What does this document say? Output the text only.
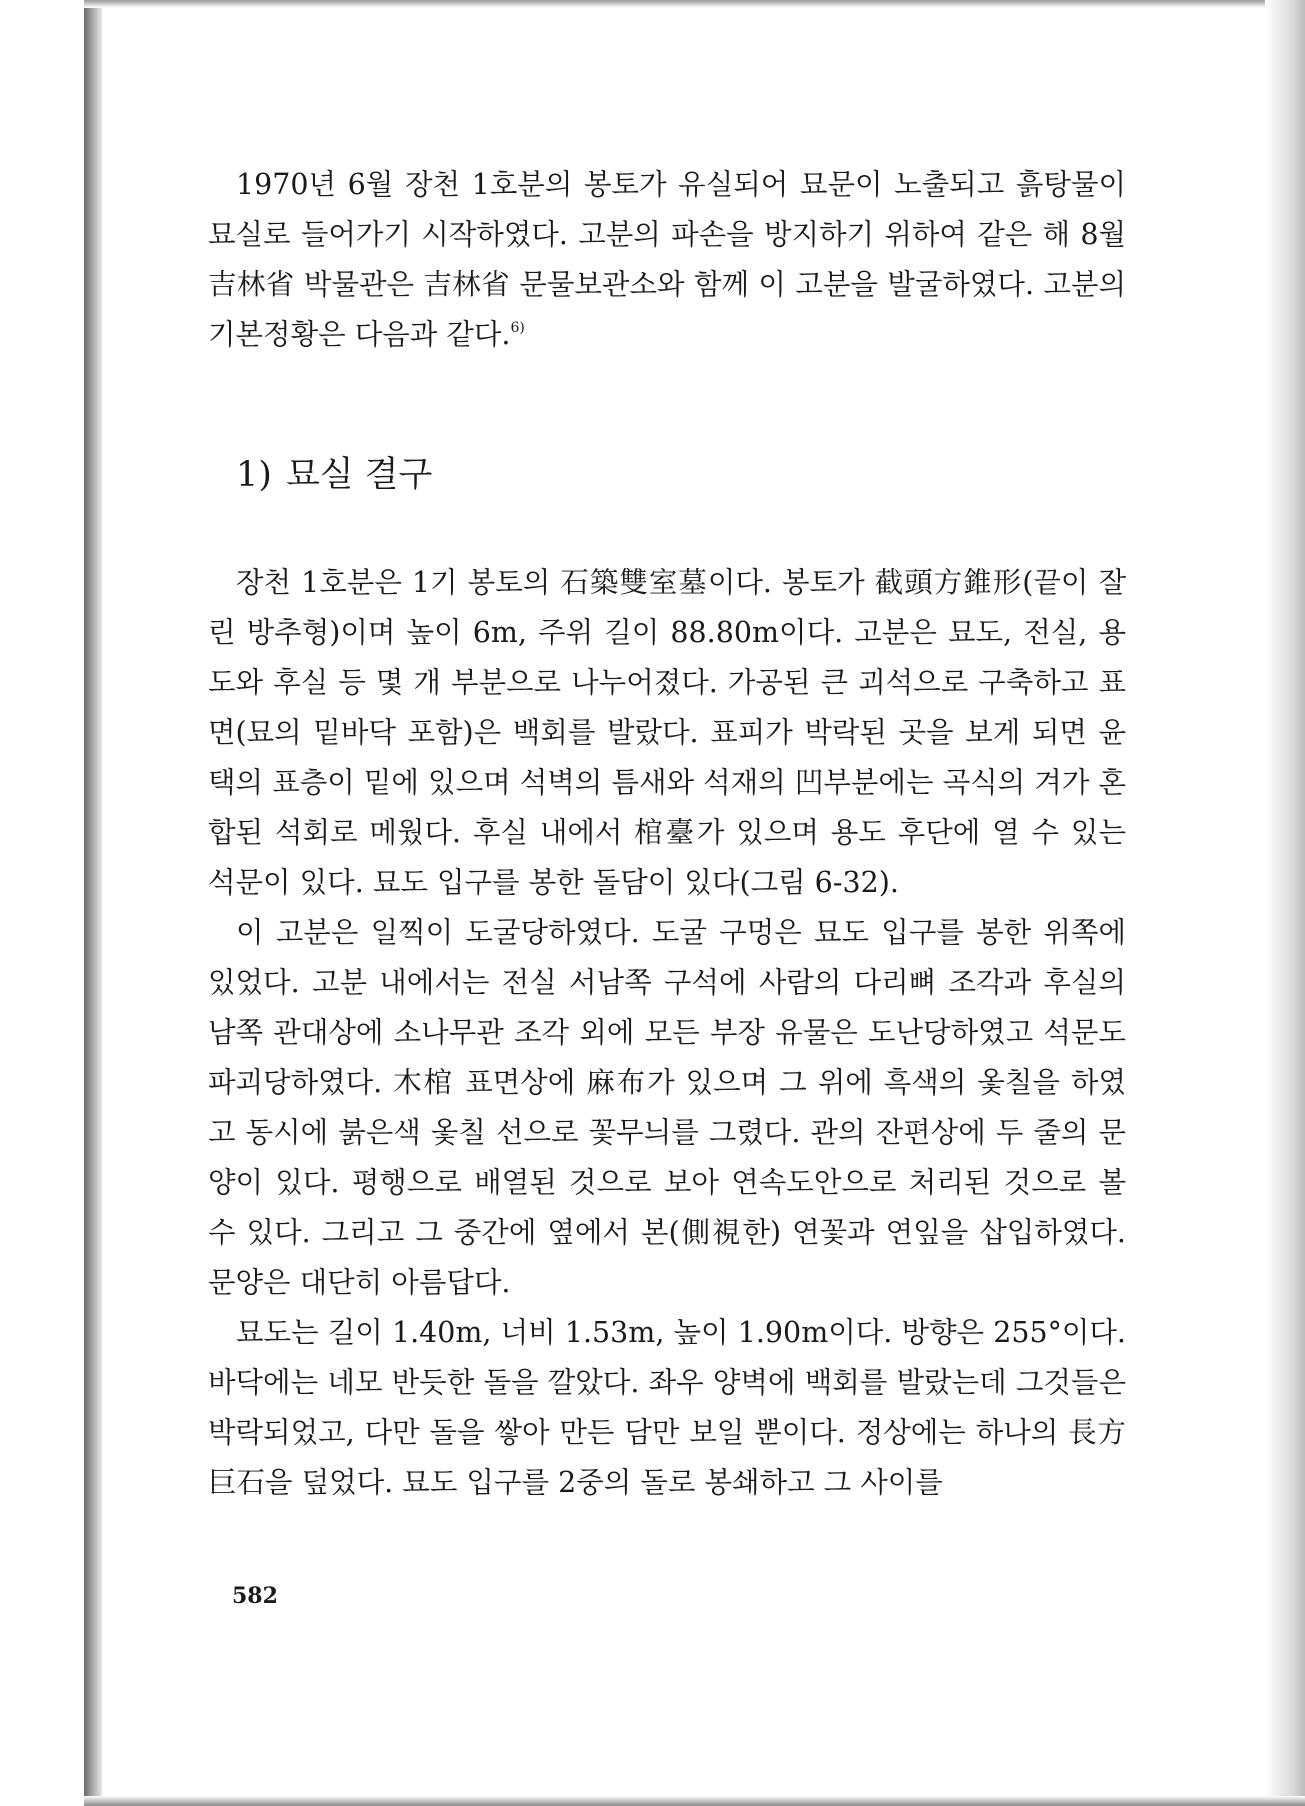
1970년 6월 장천 1호분의 봉토가 유실되어 묘문이 노출되고 흙탕물이 묘실로 들어가기 시작하였다. 고분의 파손을 방지하기 위하여 같은 해 8월 吉林省 박물관은 吉林省 문물보관소와 함께 이 고분을 발굴하였다. 고분의 기본정황은 다음과 같다.$^{6)}$

1) 묘실 결구

장천 1호분은 1기 봉토의 石築雙室墓이다. 봉토가 截頭方錐形(끝이 잘린 방추형)이며 높이 6m, 주위 길이 88.80m이다. 고분은 묘도, 전실, 용도와 후실 등 몇 개 부분으로 나누어졌다. 가공된 큰 괴석으로 구축하고 표면(묘의 밑바닥 포함)은 백회를 발랐다. 표피가 박락된 곳을 보게 되면 윤택의 표층이 밑에 있으며 석벽의 틈새와 석재의 凹부분에는 곡식의 겨가 혼합된 석회로 메웠다. 후실 내에서 棺臺가 있으며 용도 후단에 열 수 있는 석문이 있다. 묘도 입구를 봉한 돌담이 있다(그림 6-32).

이 고분은 일찍이 도굴당하였다. 도굴 구멍은 묘도 입구를 봉한 위쪽에 있었다. 고분 내에서는 전실 서남쪽 구석에 사람의 다리뼈 조각과 후실의 남쪽 관대상에 소나무관 조각 외에 모든 부장 유물은 도난당하였고 석문도 파괴당하였다. 木棺 표면상에 麻布가 있으며 그 위에 흑색의 옻칠을 하였고 동시에 붉은색 옻칠 선으로 꽃무늬를 그렸다. 관의 잔편상에 두 줄의 문양이 있다. 평행으로 배열된 것으로 보아 연속도안으로 처리된 것으로 볼 수 있다. 그리고 그 중간에 옆에서 본(側視한) 연꽃과 연잎을 삽입하였다. 문양은 대단히 아름답다.

묘도는 길이 1.40m, 너비 1.53m, 높이 1.90m이다. 방향은 255°이다. 바닥에는 네모 반듯한 돌을 깔았다. 좌우 양벽에 백회를 발랐는데 그것들은 박락되었고, 다만 돌을 쌓아 만든 담만 보일 뿐이다. 정상에는 하나의 長方巨石을 덮었다. 묘도 입구를 2중의 돌로 봉쇄하고 그 사이를

582
